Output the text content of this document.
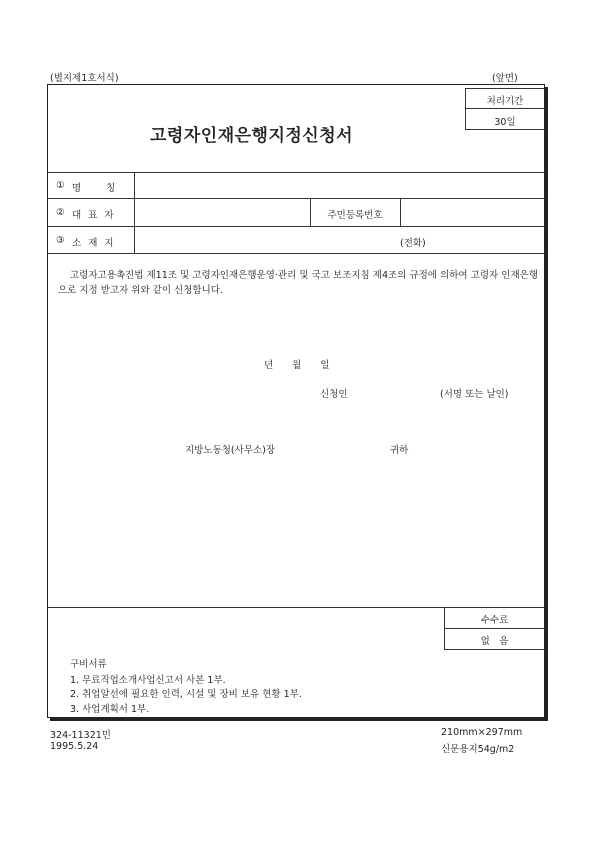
(별지제1호서식)	(앞면)
처리기간
30일
고령자인재은행지정신청서
① 명　　칭
② 대 표 자	주민등록번호
③ 소 재 지	(전화)
고령자고용촉진법 제11조 및 고령자인재은행운영·관리 및 국고 보조지침 제4조의 규정에 의하여 고령자 인재은행으로 지정 받고자 위와 같이 신청합니다.
년　　월　　일
신청인	(서명 또는 날인)
지방노동청(사무소)장	귀하
수수료
없　음
구비서류
1. 무료직업소개사업신고서 사본 1부.
2. 취업알선에 필요한 인력, 시설 및 장비 보유 현황 1부.
3. 사업계획서 1부.
324-11321민
1995.5.24
210mm×297mm
신문용지54g/m2
